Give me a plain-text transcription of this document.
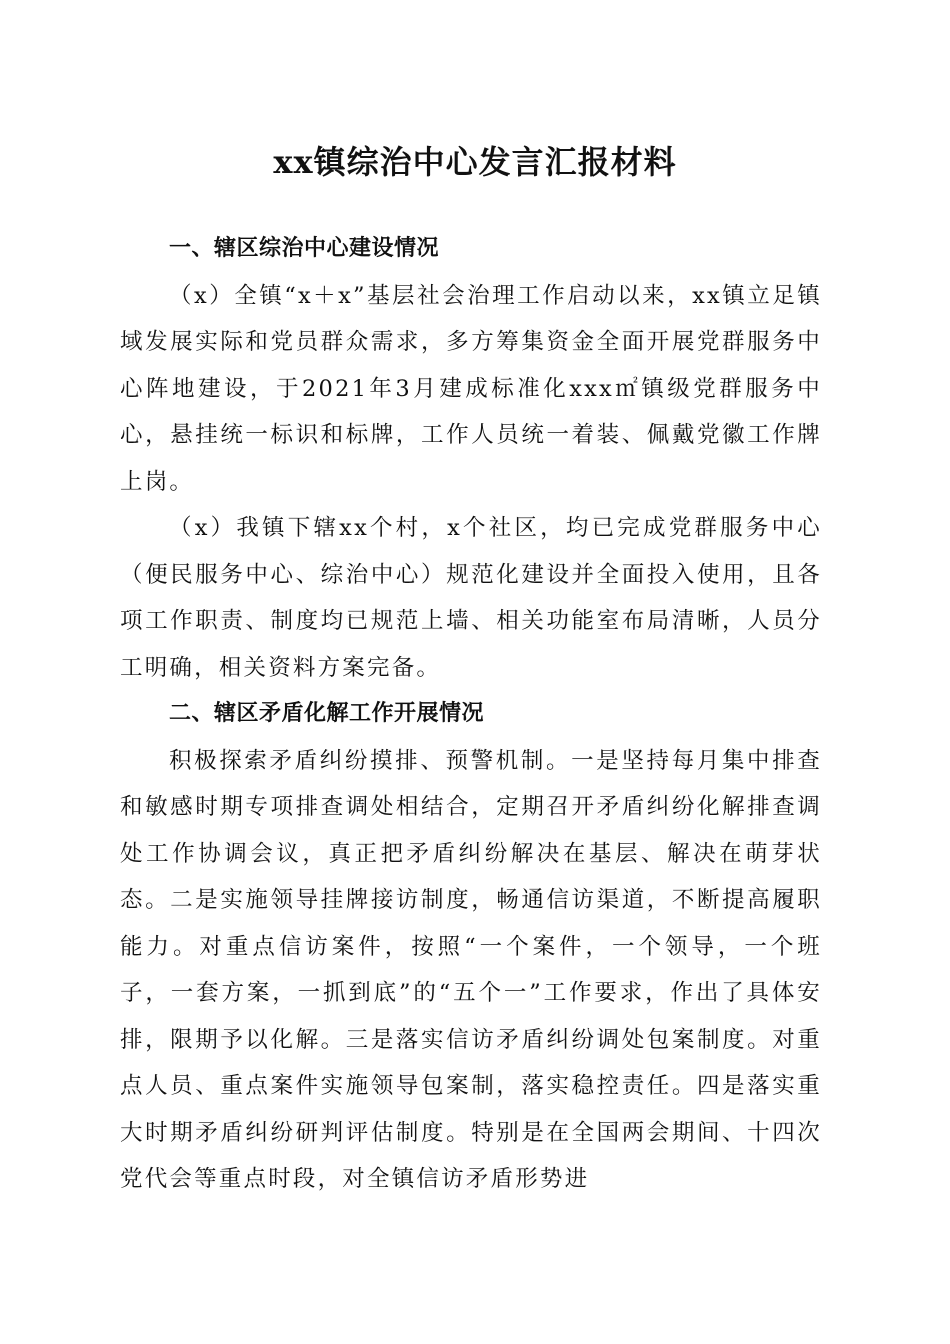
xx镇综治中心发言汇报材料

一、辖区综治中心建设情况

（x）全镇“x＋x”基层社会治理工作启动以来，xx镇立足镇域发展实际和党员群众需求，多方筹集资金全面开展党群服务中心阵地建设，于2021年3月建成标准化xxx㎡镇级党群服务中心，悬挂统一标识和标牌，工作人员统一着装、佩戴党徽工作牌上岗。

（x）我镇下辖xx个村，x个社区，均已完成党群服务中心（便民服务中心、综治中心）规范化建设并全面投入使用，且各项工作职责、制度均已规范上墙、相关功能室布局清晰，人员分工明确，相关资料方案完备。

二、辖区矛盾化解工作开展情况

积极探索矛盾纠纷摸排、预警机制。一是坚持每月集中排查和敏感时期专项排查调处相结合，定期召开矛盾纠纷化解排查调处工作协调会议，真正把矛盾纠纷解决在基层、解决在萌芽状态。二是实施领导挂牌接访制度，畅通信访渠道，不断提高履职能力。对重点信访案件，按照“一个案件，一个领导，一个班子，一套方案，一抓到底”的“五个一”工作要求，作出了具体安排，限期予以化解。三是落实信访矛盾纠纷调处包案制度。对重点人员、重点案件实施领导包案制，落实稳控责任。四是落实重大时期矛盾纠纷研判评估制度。特别是在全国两会期间、十四次党代会等重点时段，对全镇信访矛盾形势进
